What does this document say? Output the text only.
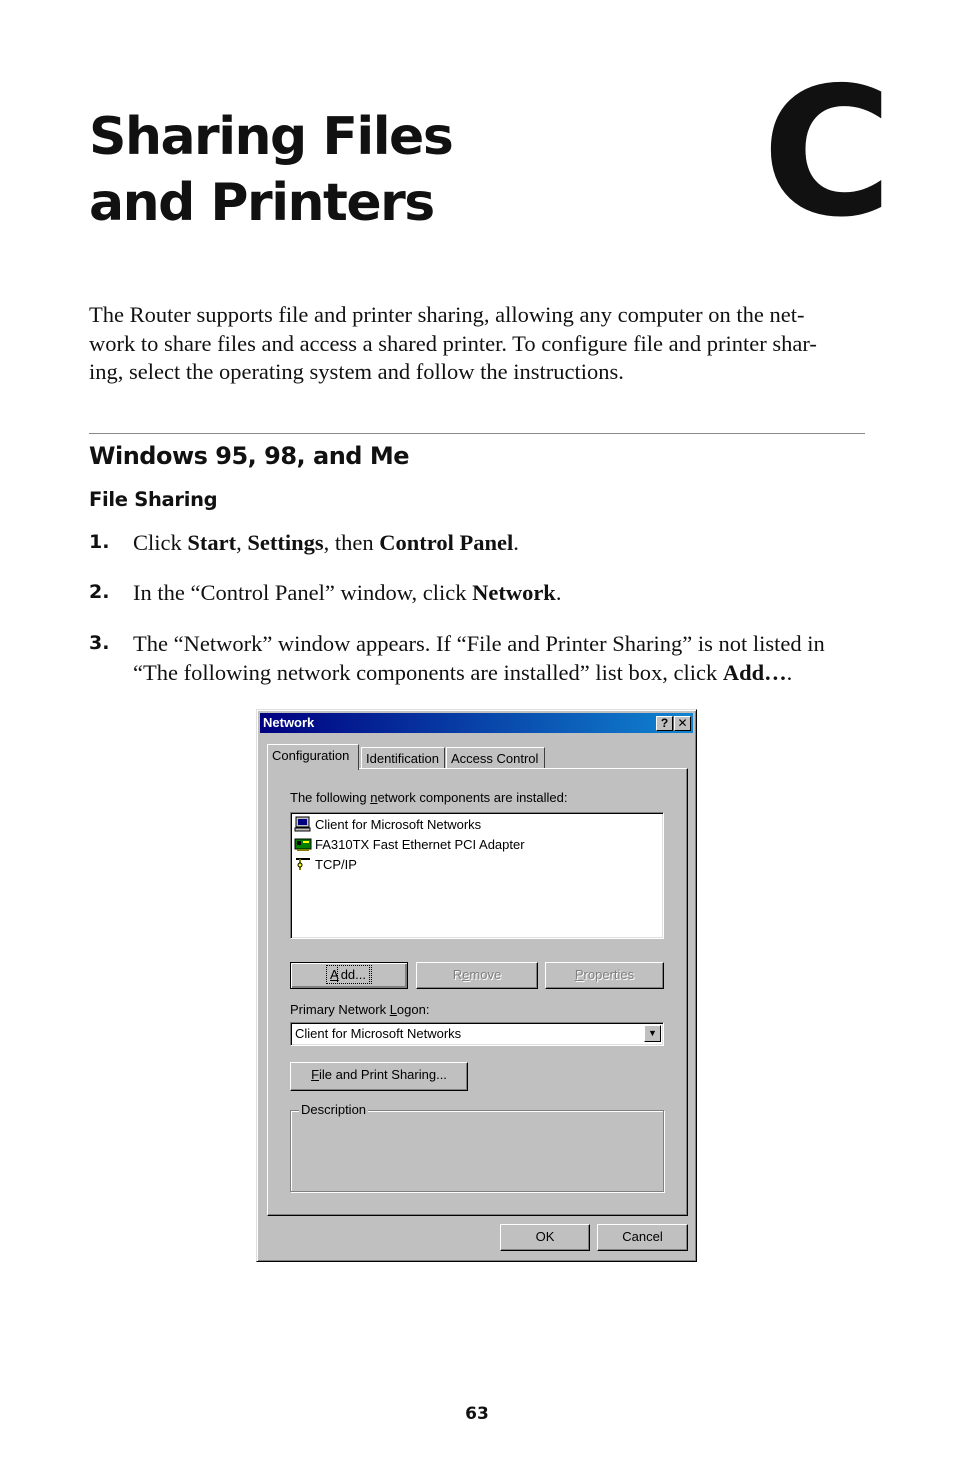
Sharing Files
and Printers C

The Router supports file and printer sharing, allowing any computer on the net-
work to share files and access a shared printer. To configure file and printer shar-
ing, select the operating system and follow the instructions.

Windows 95, 98, and Me
File Sharing
1.	Click Start, Settings, then Control Panel.
2.	In the “Control Panel” window, click Network.
3.	The “Network” window appears. If “File and Printer Sharing” is not listed in
“The following network components are installed” list box, click Add….
Network	? ✕
Configuration	Identification Access Control
The following network components are installed:
Client for Microsoft Networks
FA310TX Fast Ethernet PCI Adapter
TCP/IP
A dd...	Remove	Properties
Primary Network Logon:
Client for Microsoft Networks	▼
File and Print Sharing...
Description
OK	Cancel
63
